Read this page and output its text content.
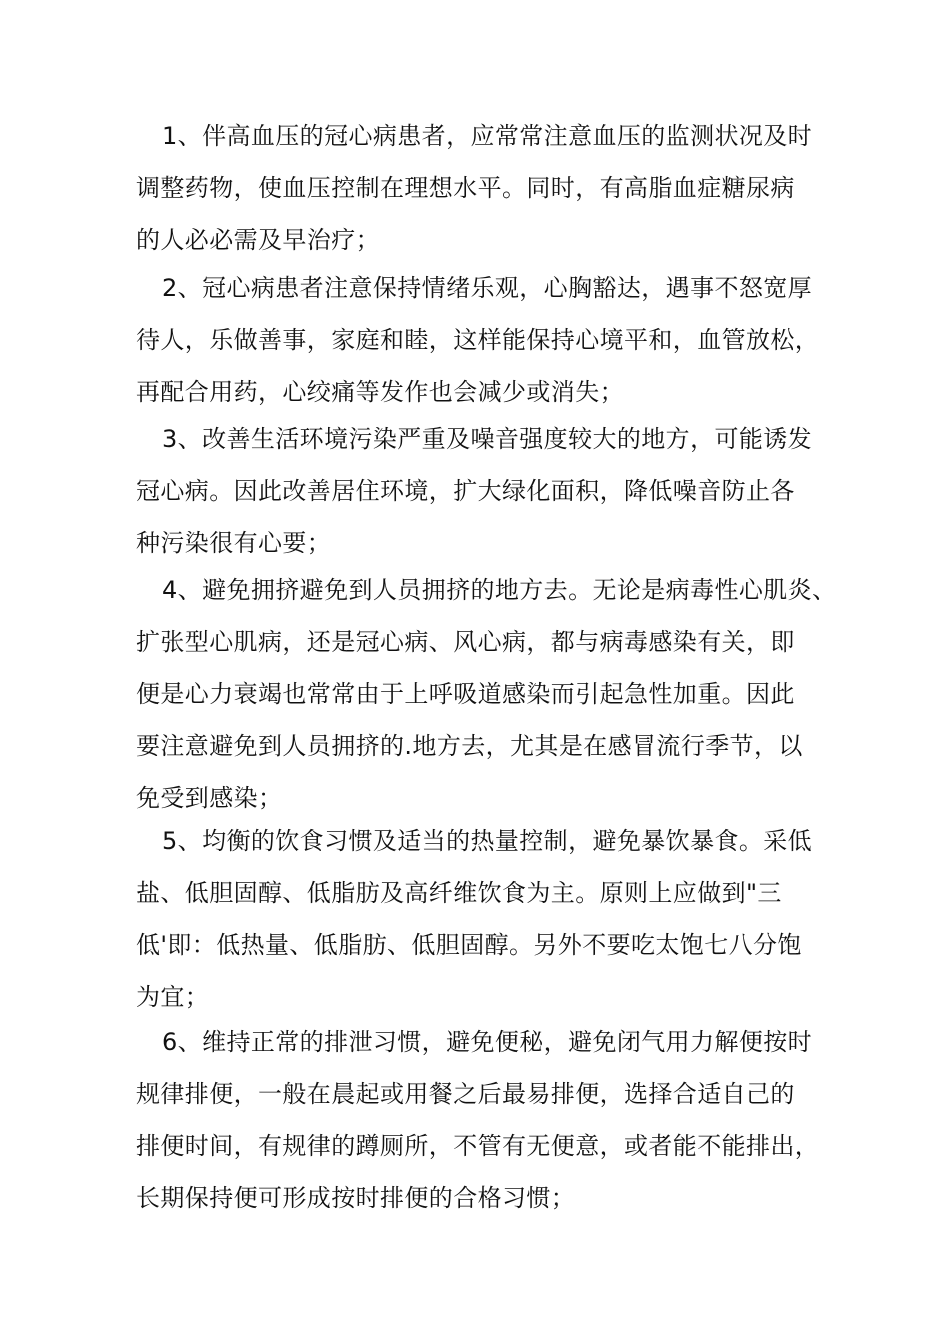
1、伴高血压的冠心病患者，应常常注意血压的监测状况及时
调整药物，使血压控制在理想水平。同时，有高脂血症糖尿病
的人必必需及早治疗；
2、冠心病患者注意保持情绪乐观，心胸豁达，遇事不怒宽厚
待人，乐做善事，家庭和睦，这样能保持心境平和，血管放松，
再配合用药，心绞痛等发作也会减少或消失；
3、改善生活环境污染严重及噪音强度较大的地方，可能诱发
冠心病。因此改善居住环境，扩大绿化面积，降低噪音防止各
种污染很有心要；
4、避免拥挤避免到人员拥挤的地方去。无论是病毒性心肌炎、
扩张型心肌病，还是冠心病、风心病，都与病毒感染有关，即
便是心力衰竭也常常由于上呼吸道感染而引起急性加重。因此
要注意避免到人员拥挤的.地方去，尤其是在感冒流行季节，以
免受到感染；
5、均衡的饮食习惯及适当的热量控制，避免暴饮暴食。采低
盐、低胆固醇、低脂肪及高纤维饮食为主。原则上应做到"三
低'即：低热量、低脂肪、低胆固醇。另外不要吃太饱七八分饱
为宜；
6、维持正常的排泄习惯，避免便秘，避免闭气用力解便按时
规律排便，一般在晨起或用餐之后最易排便，选择合适自己的
排便时间，有规律的蹲厕所，不管有无便意，或者能不能排出，
长期保持便可形成按时排便的合格习惯；
